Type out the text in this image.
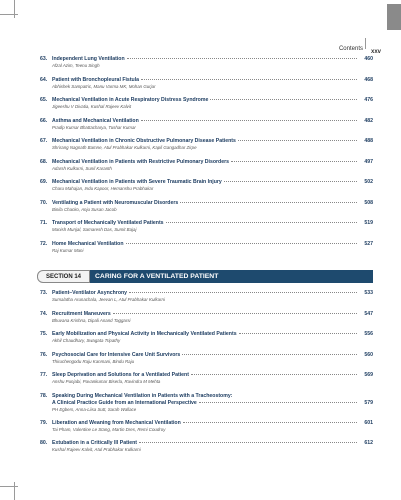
Contents	xxv
63. Independent Lung Ventilation	460
Afzal Azim, Teenu Singh
64. Patient with Bronchopleural Fistula	468
Abhishek Sampatric, Manu Varma MK, Mohan Gurjar
65. Mechanical Ventilation in Acute Respiratory Distress Syndrome	476
Jigeeshu V Divatia, Kushal Rajeev Kalvit
66. Asthma and Mechanical Ventilation	482
Pradip Kumar Bhattacharya, Tushar Kumar
67. Mechanical Ventilation in Chronic Obstructive Pulmonary Disease Patients	488
Shrirang Nagnath Bamne, Atul Prabhakar Kulkarni, Kapil Gangadhar Zirpe
68. Mechanical Ventilation in Patients with Restrictive Pulmonary Disorders	497
Adarsh Kulkarni, Sunil Karanth
69. Mechanical Ventilation in Patients with Severe Traumatic Brain Injury	502
Charu Mahajan, Indu Kapoor, Hemanshu Prabhakar
70. Ventilating a Patient with Neuromuscular Disorders	508
Binila Chacko, Anju Susan Jacob
71. Transport of Mechanically Ventilated Patients	519
Manish Munjal, Samaresh Das, Sumit Bajaj
72. Home Mechanical Ventilation	527
Raj Kumar Mani
SECTION 14	CARING FOR A VENTILATED PATIENT
73. Patient–Ventilator Asynchrony	533
Sumalatha Arunachala, Jeevan L, Atul Prabhakar Kulkarni
74. Recruitment Maneuvers	547
Bhuvana Krishna, Dipali Anand Taggarsi
75. Early Mobilization and Physical Activity in Mechanically Ventilated Patients	556
Akhil Chaudhary, Swagata Tripathy
76. Psychosocial Care for Intensive Care Unit Survivors	560
Thiruchengodu Raju Kanmani, Bindu Raju
77. Sleep Deprivation and Solutions for a Ventilated Patient	569
Anshu Punjabi, Pavankumar Biserla, Ravindra M Mehta
78. Speaking During Mechanical Ventilation in Patients with a Tracheostomy:
A Clinical Practice Guide from an International Perspective	579
PH Egbers, Anna-Liisa Sutt, Sarah Wallace
79. Liberation and Weaning from Mechanical Ventilation	601
Tai Pham, Valentine Le Stang, Martin Dres, Remi Coudroy
80. Extubation in a Critically Ill Patient	612
Kushal Rajeev Kalvit, Atul Prabhakar Kulkarni
